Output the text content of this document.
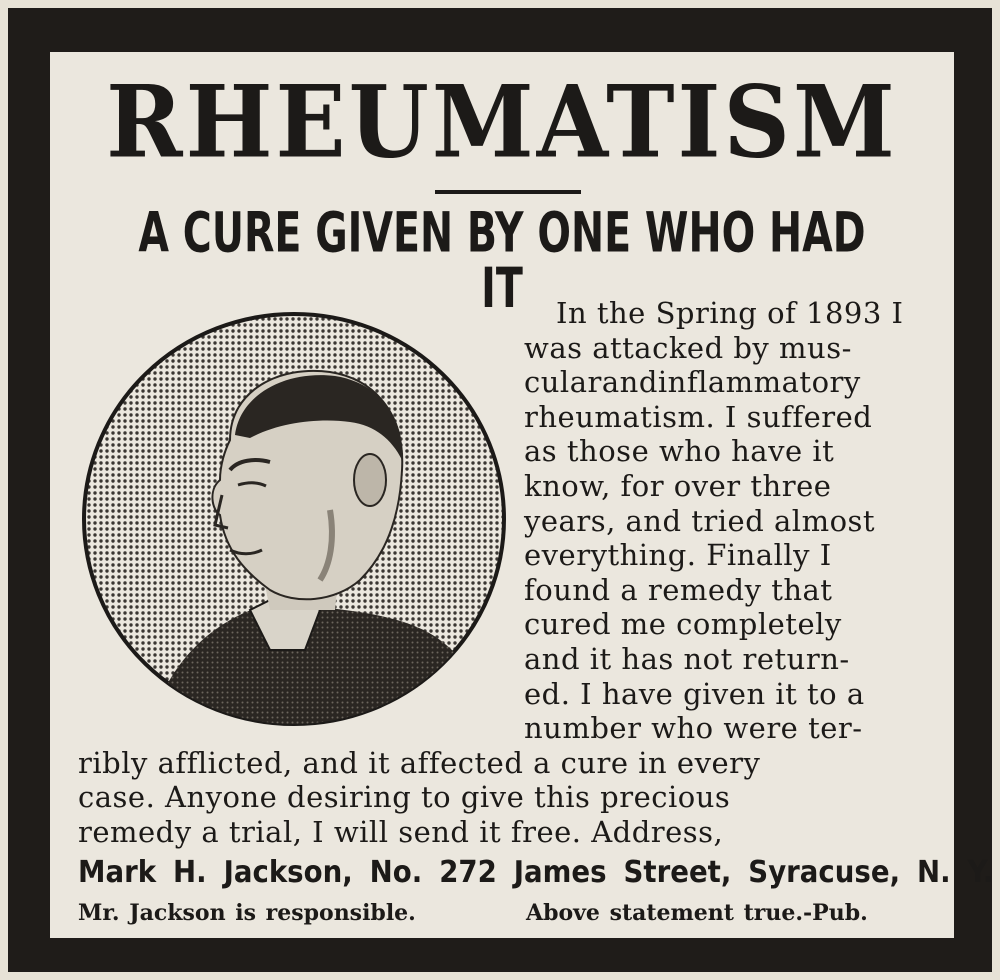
RHEUMATISM
A CURE GIVEN BY ONE WHO HAD IT	In the Spring of 1893 I
was attacked by mus-
cularandinflammatory
rheumatism. I suffered
as those who have it
know, for over three
years, and tried almost
everything. Finally I
found a remedy that
cured me completely
and it has not return-
ed. I have given it to a
number who were ter-
ribly afflicted, and it affected a cure in every
case. Anyone desiring to give this precious
remedy a trial, I will send it free. Address,
Mark H. Jackson, No. 272 James Street, Syracuse, N. Y.
Mr. Jackson is responsible.	Above statement true.-Pub.
